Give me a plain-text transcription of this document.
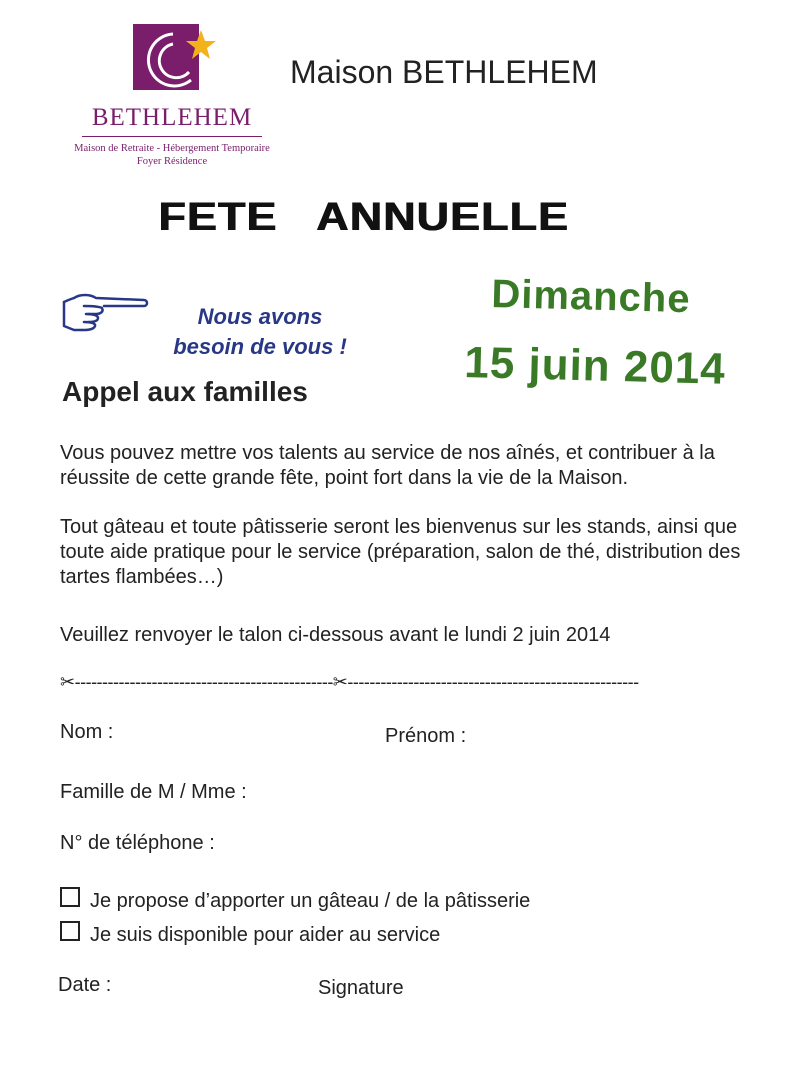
BETHLEHEM
Maison de Retraite - Hébergement Temporaire
Foyer Résidence
Maison BETHLEHEM
FETE ANNUELLE
Nous avons
besoin de vous !
Dimanche
15 juin 2014
Appel aux familles
Vous pouvez mettre vos talents au service de nos aînés, et contribuer à la réussite de cette grande fête, point fort dans la vie de la Maison.
Tout gâteau et toute pâtisserie seront les bienvenus sur les stands, ainsi que toute aide pratique pour le service (préparation, salon de thé, distribution des tartes flambées…)
Veuillez renvoyer le talon ci-dessous avant le lundi 2 juin 2014
✂-----------------------------------------------✂-----------------------------------------------------
Nom :	Prénom :
Famille de M / Mme :
N° de téléphone :
Je propose d’apporter un gâteau / de la pâtisserie
Je suis disponible pour aider au service
Date :	Signature
